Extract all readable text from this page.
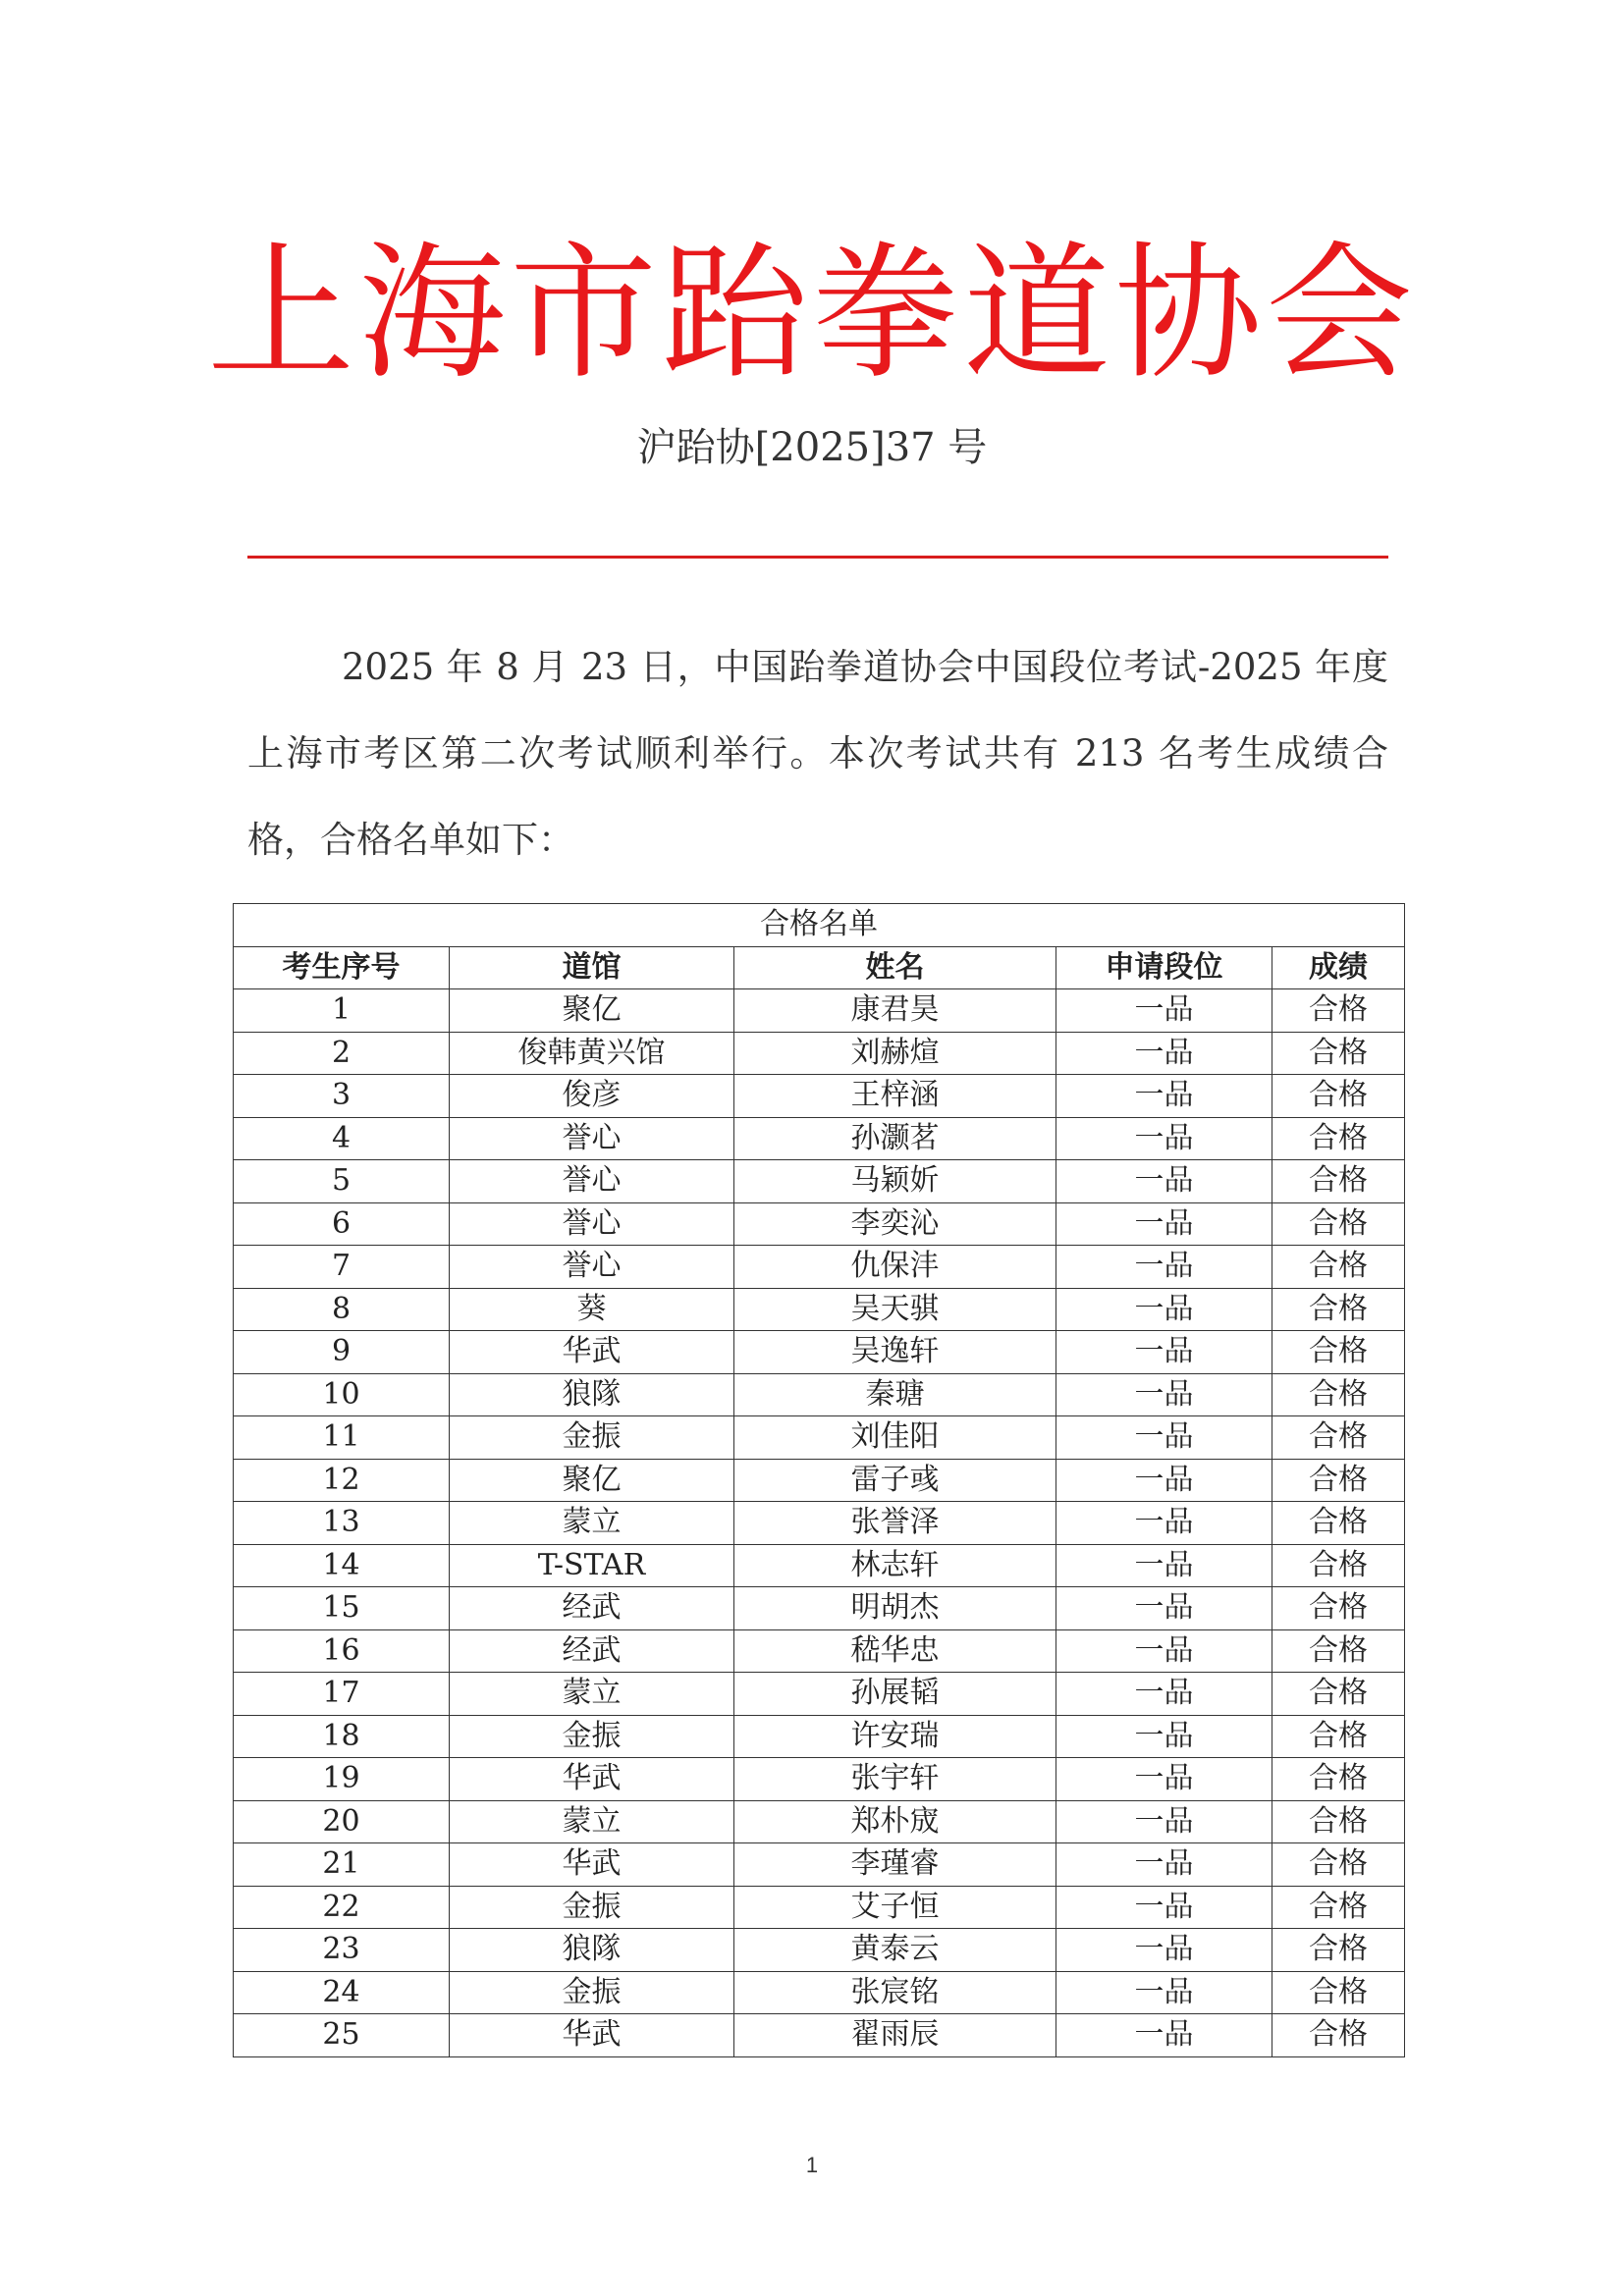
上海市跆拳道协会
沪跆协[2025]37 号
2025 年 8 月 23 日，中国跆拳道协会中国段位考试-2025 年度上海市考区第二次考试顺利举行。本次考试共有 213 名考生成绩合格，合格名单如下：
合格名单				
考生序号	道馆	姓名	申请段位	成绩
1	聚亿	康君昊	一品	合格
2	俊韩黄兴馆	刘赫煊	一品	合格
3	俊彦	王梓涵	一品	合格
4	誉心	孙灏茗	一品	合格
5	誉心	马颖妡	一品	合格
6	誉心	李奕沁	一品	合格
7	誉心	仇保沣	一品	合格
8	葵	吴天骐	一品	合格
9	华武	吴逸轩	一品	合格
10	狼隊	秦瑭	一品	合格
11	金振	刘佳阳	一品	合格
12	聚亿	雷子彧	一品	合格
13	蒙立	张誉泽	一品	合格
14	T-STAR	林志轩	一品	合格
15	经武	明胡杰	一品	合格
16	经武	嵇华忠	一品	合格
17	蒙立	孙展韬	一品	合格
18	金振	许安瑞	一品	合格
19	华武	张宇轩	一品	合格
20	蒙立	郑朴宬	一品	合格
21	华武	李瑾睿	一品	合格
22	金振	艾子恒	一品	合格
23	狼隊	黄泰云	一品	合格
24	金振	张宸铭	一品	合格
25	华武	翟雨辰	一品	合格
1
